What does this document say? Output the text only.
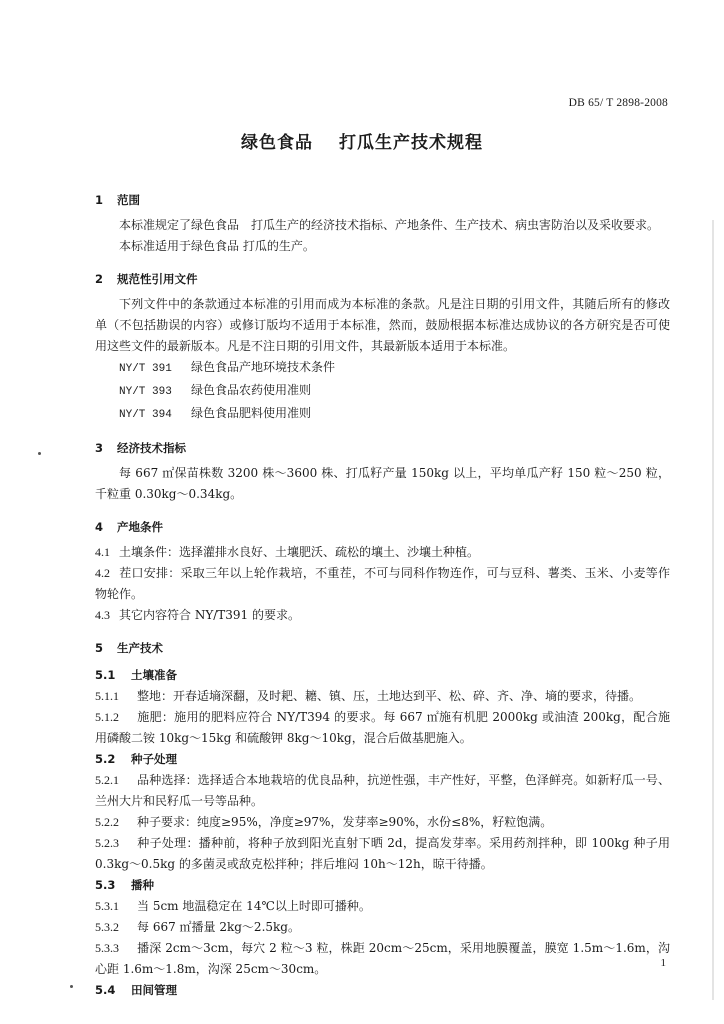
DB 65/ T 2898-2008
绿色食品 打瓜生产技术规程
1 范围
本标准规定了绿色食品　打瓜生产的经济技术指标、产地条件、生产技术、病虫害防治以及采收要求。
本标准适用于绿色食品 打瓜的生产。
2 规范性引用文件
下列文件中的条款通过本标准的引用而成为本标准的条款。凡是注日期的引用文件，其随后所有的修改单（不包括勘误的内容）或修订版均不适用于本标准，然而，鼓励根据本标准达成协议的各方研究是否可使用这些文件的最新版本。凡是不注日期的引用文件，其最新版本适用于本标准。
NY/T 391 绿色食品产地环境技术条件
NY/T 393 绿色食品农药使用准则
NY/T 394 绿色食品肥料使用准则
3 经济技术指标
每 667 ㎡保苗株数 3200 株～3600 株、打瓜籽产量 150kg 以上，平均单瓜产籽 150 粒～250 粒，千粒重 0.30kg～0.34kg。
4 产地条件
4.1 土壤条件：选择灌排水良好、土壤肥沃、疏松的壤土、沙壤土种植。
4.2 茬口安排：采取三年以上轮作栽培，不重茬，不可与同科作物连作，可与豆科、薯类、玉米、小麦等作物轮作。
4.3 其它内容符合 NY/T391 的要求。
5 生产技术
5.1 土壤准备
5.1.1 整地：开春适墒深翻，及时耙、耱、镇、压，土地达到平、松、碎、齐、净、墒的要求，待播。
5.1.2 施肥：施用的肥料应符合 NY/T394 的要求。每 667 ㎡施有机肥 2000kg 或油渣 200kg，配合施用磷酸二铵 10kg～15kg 和硫酸钾 8kg～10kg，混合后做基肥施入。
5.2 种子处理
5.2.1 品种选择：选择适合本地栽培的优良品种，抗逆性强，丰产性好，平整，色泽鲜亮。如新籽瓜一号、兰州大片和民籽瓜一号等品种。
5.2.2 种子要求：纯度≥95%，净度≥97%，发芽率≥90%，水份≤8%，籽粒饱满。
5.2.3 种子处理：播种前，将种子放到阳光直射下晒 2d，提高发芽率。采用药剂拌种，即 100kg 种子用 0.3kg～0.5kg 的多菌灵或敌克松拌种；拌后堆闷 10h～12h，晾干待播。
5.3 播种
5.3.1 当 5cm 地温稳定在 14℃以上时即可播种。
5.3.2 每 667 ㎡播量 2kg～2.5kg。
5.3.3 播深 2cm～3cm，每穴 2 粒～3 粒，株距 20cm～25cm，采用地膜覆盖，膜宽 1.5m～1.6m，沟心距 1.6m～1.8m，沟深 25cm～30cm。
5.4 田间管理
1
